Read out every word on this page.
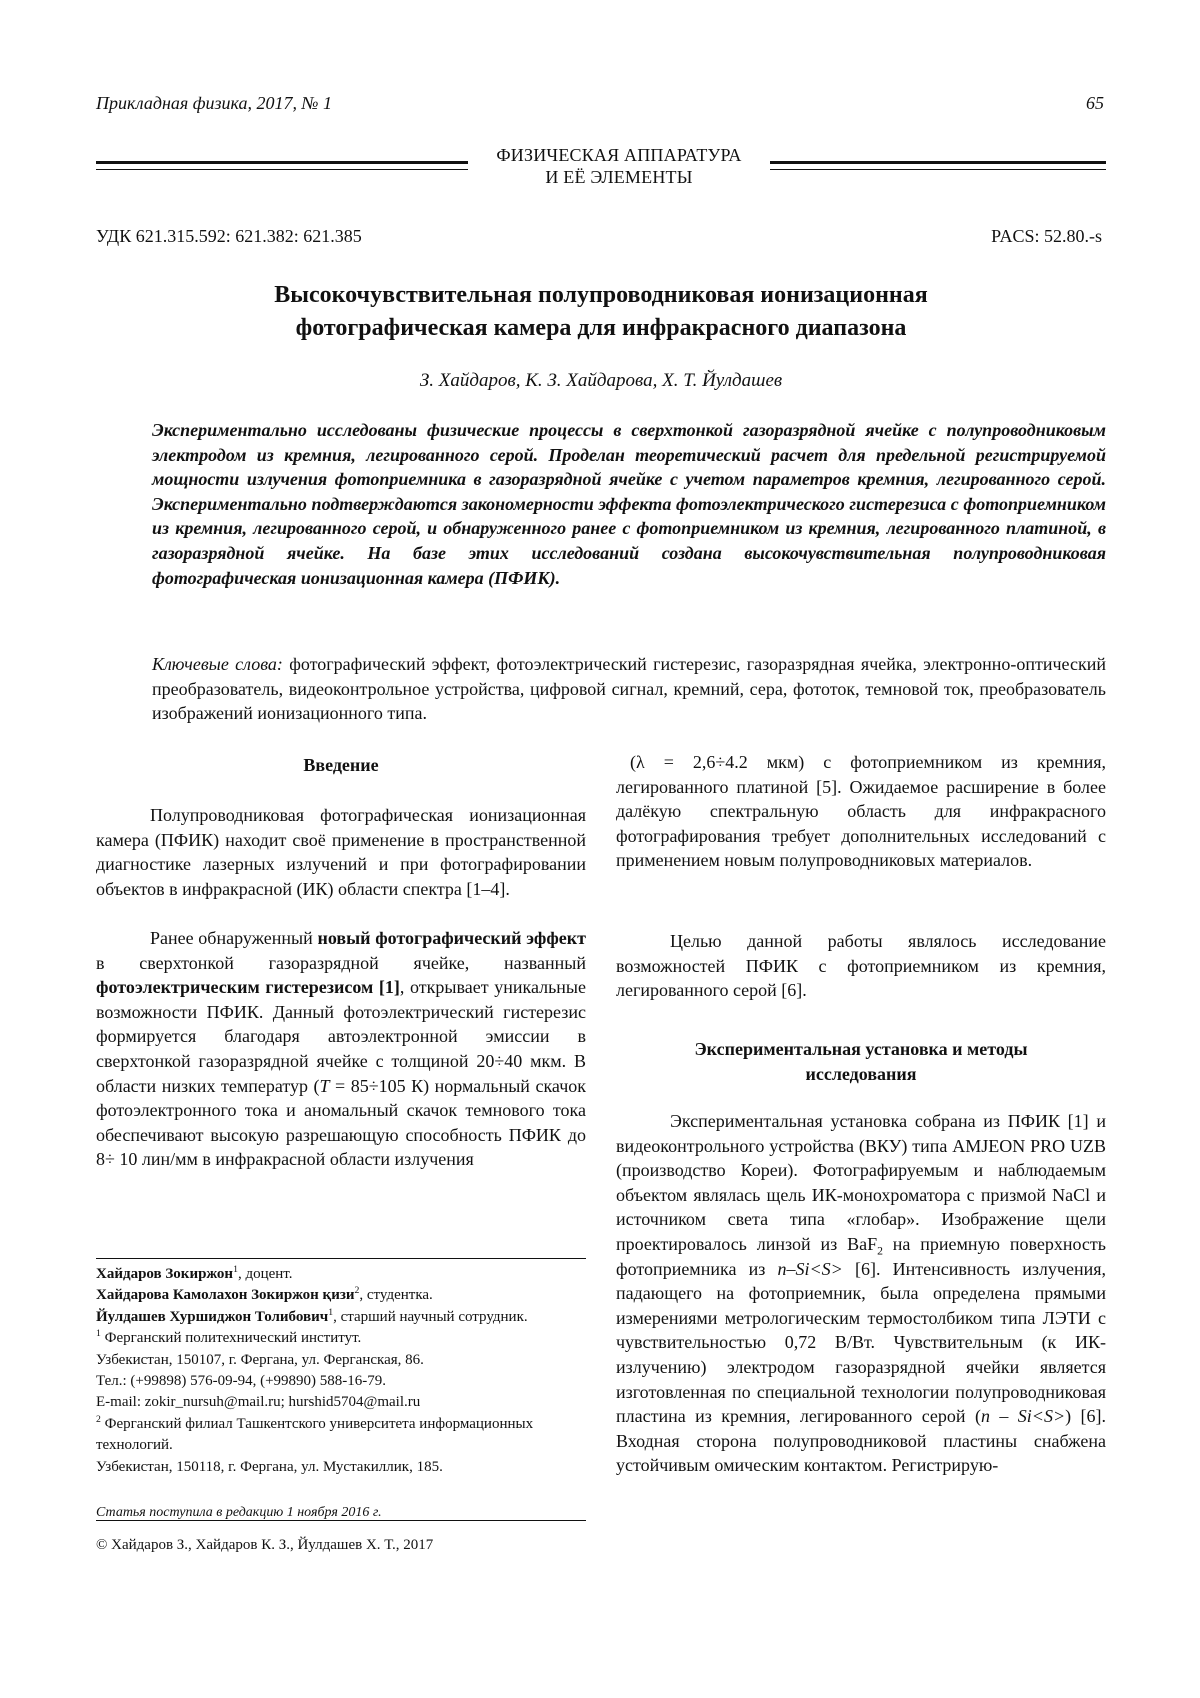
Прикладная физика, 2017, № 1	65
ФИЗИЧЕСКАЯ АППАРАТУРА
И ЕЁ ЭЛЕМЕНТЫ
УДК 621.315.592: 621.382: 621.385	PACS: 52.80.-s
Высокочувствительная полупроводниковая ионизационная
фотографическая камера для инфракрасного диапазона
З. Хайдаров, К. З. Хайдарова, Х. Т. Йулдашев
Экспериментально исследованы физические процессы в сверхтонкой газоразрядной ячейке с полупроводниковым электродом из кремния, легированного серой. Проделан теоретический расчет для предельной регистрируемой мощности излучения фотоприемника в газоразрядной ячейке с учетом параметров кремния, легированного серой. Экспериментально подтверждаются закономерности эффекта фотоэлектрического гистерезиса с фотоприемником из кремния, легированного серой, и обнаруженного ранее с фотоприемником из кремния, легированного платиной, в газоразрядной ячейке. На базе этих исследований создана высокочувствительная полупроводниковая фотографическая ионизационная камера (ПФИК).
Ключевые слова: фотографический эффект, фотоэлектрический гистерезис, газоразрядная ячейка, электронно-оптический преобразователь, видеоконтрольное устройства, цифровой сигнал, кремний, сера, фототок, темновой ток, преобразователь изображений ионизационного типа.
Введение
Полупроводниковая фотографическая ионизационная камера (ПФИК) находит своё применение в пространственной диагностике лазерных излучений и при фотографировании объектов в инфракрасной (ИК) области спектра [1–4].
Ранее обнаруженный новый фотографический эффект в сверхтонкой газоразрядной ячейке, названный фотоэлектрическим гистерезисом [1], открывает уникальные возможности ПФИК. Данный фотоэлектрический гистерезис формируется благодаря автоэлектронной эмиссии в сверхтонкой газоразрядной ячейке с толщиной 20÷40 мкм. В области низких температур (T = 85÷105 К) нормальный скачок фотоэлектронного тока и аномальный скачок темнового тока обеспечивают высокую разрешающую способность ПФИК до 8÷ 10 лин/мм в инфракрасной области излучения

Хайдаров Зокиржон$^1$, доцент.

Хайдарова Камолахон Зокиржон қизи$^2$, студентка.

Йулдашев Хуршиджон Толибович$^1$, старший научный сотрудник.

$^1$ Ферганский политехнический институт.

Узбекистан, 150107, г. Фергана, ул. Ферганская, 86.

Тел.: (+99898) 576-09-94, (+99890) 588-16-79.

E-mail: zokir_nursuh@mail.ru; hurshid5704@mail.ru

$^2$ Ферганский филиал Ташкентского университета информационных технологий.

Узбекистан, 150118, г. Фергана, ул. Мустакиллик, 185.

Статья поступила в редакцию 1 ноября 2016 г.
© Хайдаров З., Хайдаров К. З., Йулдашев Х. Т., 2017
(λ = 2,6÷4.2 мкм) с фотоприемником из кремния, легированного платиной [5]. Ожидаемое расширение в более далёкую спектральную область для инфракрасного фотографирования требует дополнительных исследований с применением новым полупроводниковых материалов.
Целью данной работы являлось исследование возможностей ПФИК с фотоприемником из кремния, легированного серой [6].
Экспериментальная установка и методы
исследования
Экспериментальная установка собрана из ПФИК [1] и видеоконтрольного устройства (ВКУ) типа AMJEON PRO UZB (производство Кореи). Фотографируемым и наблюдаемым объектом являлась щель ИК-монохроматора с призмой NaCl и источником света типа «глобар». Изображение щели проектировалось линзой из BaF$_2$ на приемную поверхность фотоприемника из n–Si<S> [6]. Интенсивность излучения, падающего на фотоприемник, была определена прямыми измерениями метрологическим термостолбиком типа ЛЭТИ с чувствительностью 0,72 В/Вт. Чувствительным (к ИК-излучению) электродом газоразрядной ячейки является изготовленная по специальной технологии полупроводниковая пластина из кремния, легированного серой (n – Si<S>) [6]. Входная сторона полупроводниковой пластины снабжена устойчивым омическим контактом. Регистрирую-
